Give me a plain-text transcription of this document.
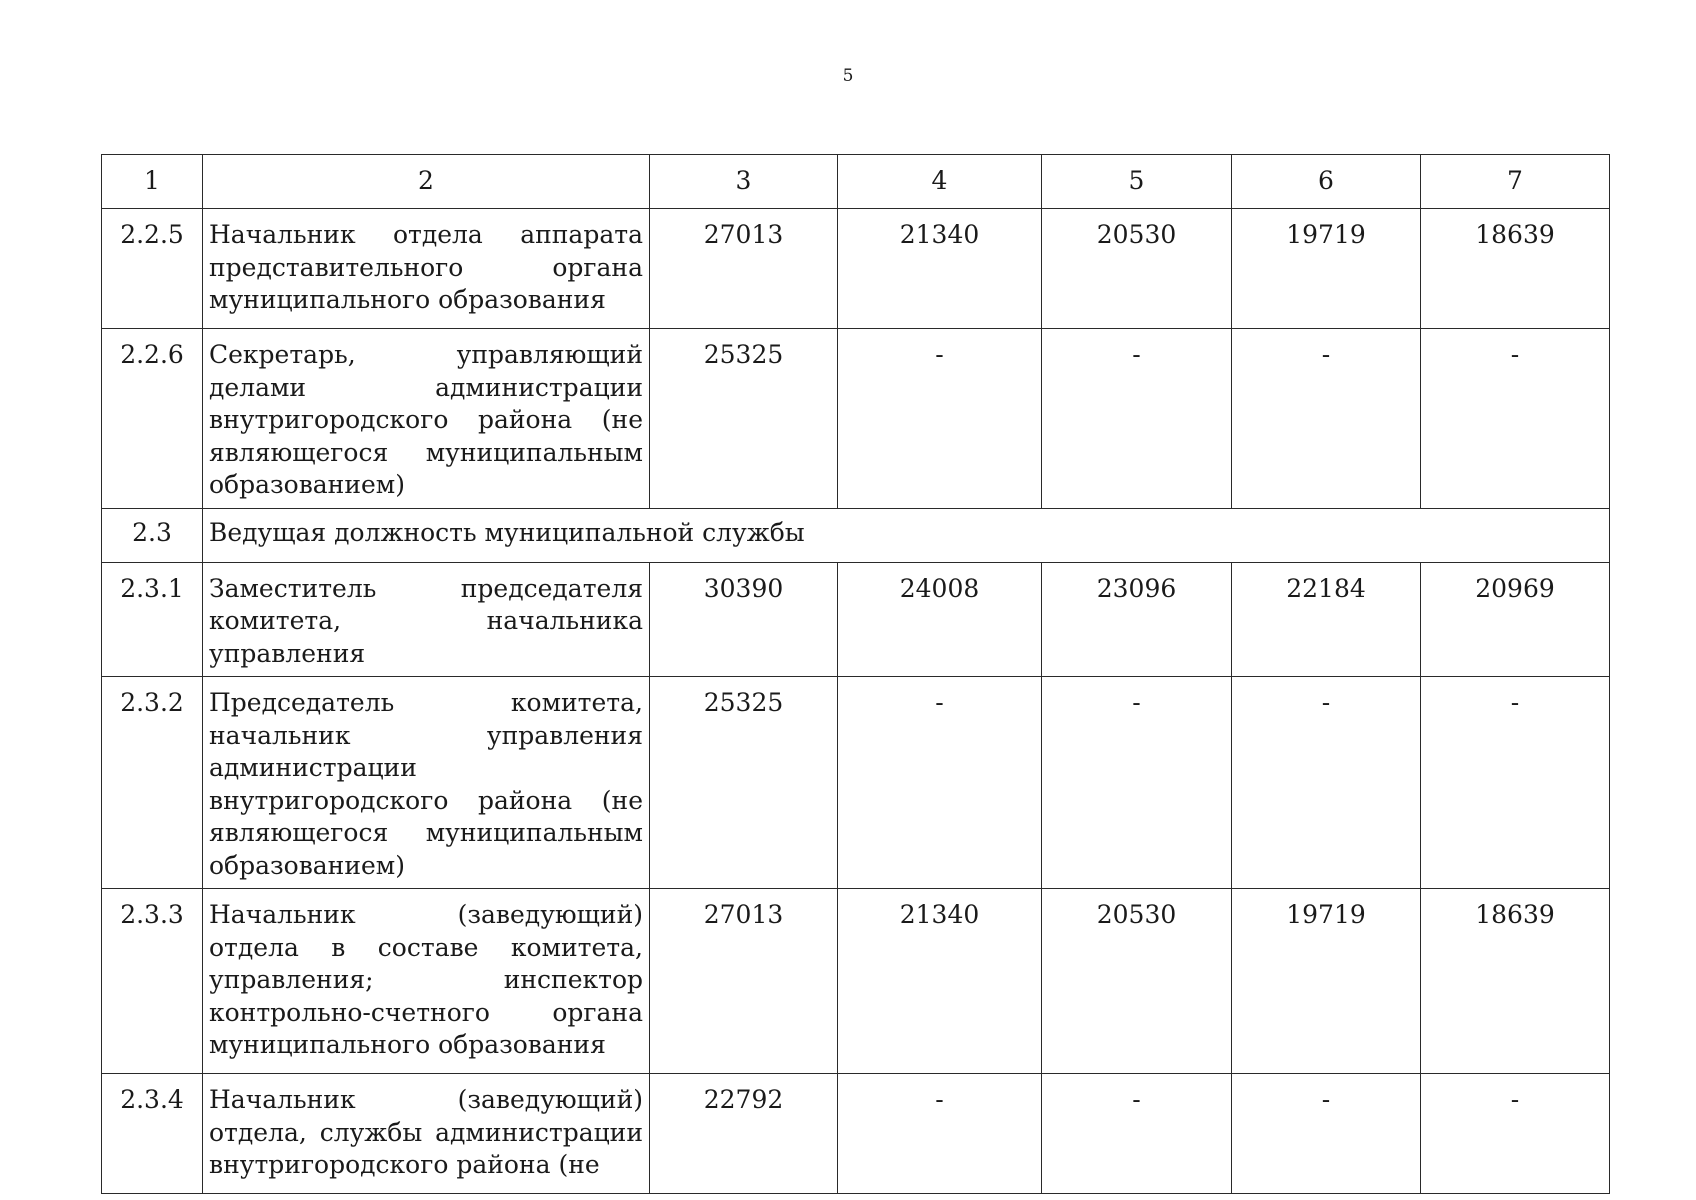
5
1	2	3	4	5	6	7
2.2.5	Начальник отдела аппарата представительного органа муниципального образования	27013	21340	20530	19719	18639
2.2.6	Секретарь, управляющий делами администрации внутригородского района (не являющегося муниципальным образованием)	25325	-	-	-	-
2.3	Ведущая должность муниципальной службы					
2.3.1	Заместитель председателя комитета, начальника управления	30390	24008	23096	22184	20969
2.3.2	Председатель комитета, начальник управления администрации внутригородского района (не являющегося муниципальным образованием)	25325	-	-	-	-
2.3.3	Начальник (заведующий) отдела в составе комитета, управления; инспектор контрольно-счетного органа муниципального образования	27013	21340	20530	19719	18639
2.3.4	Начальник (заведующий) отдела, службы администрации внутригородского района (не	22792	-	-	-	-
